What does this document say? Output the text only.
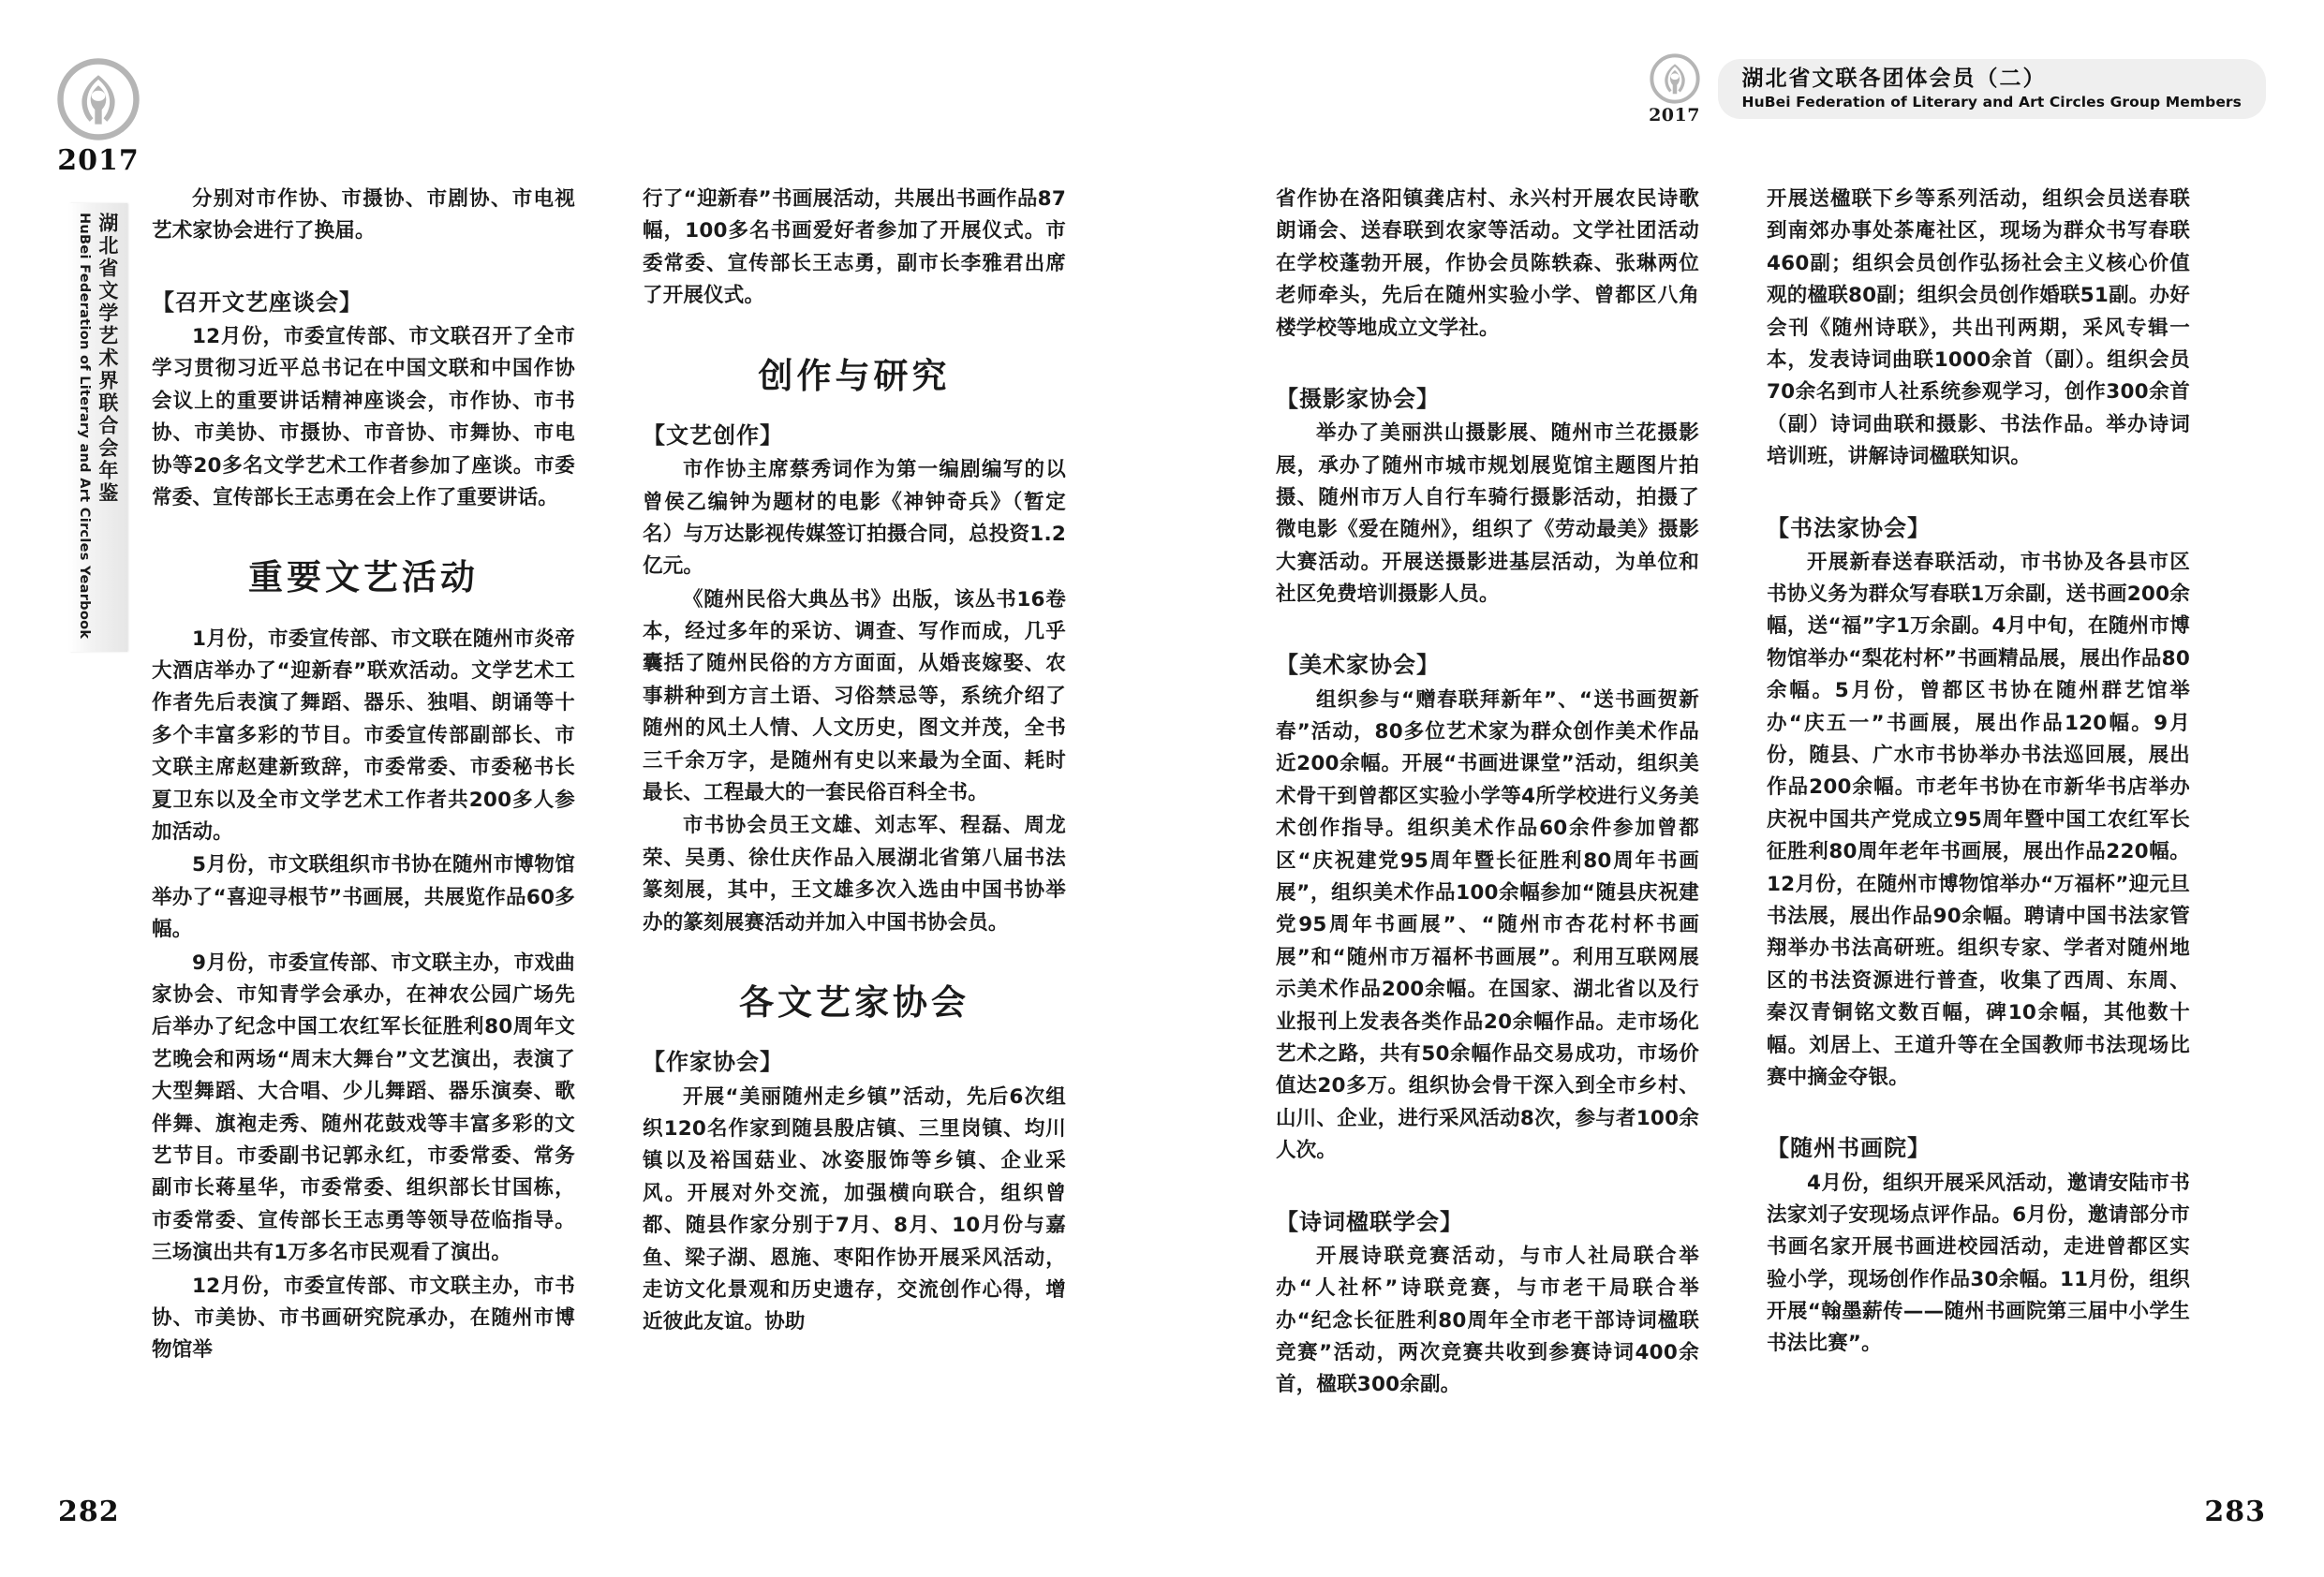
2017
湖北省文学艺术界联合会年鉴
HuBei Federation of Literary and Art Circles Yearbook
2017
湖北省文联各团体会员（二）
HuBei Federation of Literary and Art Circles Group Members

分别对市作协、市摄协、市剧协、市电视艺术家协会进行了换届。

【召开文艺座谈会】

12月份，市委宣传部、市文联召开了全市学习贯彻习近平总书记在中国文联和中国作协会议上的重要讲话精神座谈会，市作协、市书协、市美协、市摄协、市音协、市舞协、市电协等20多名文学艺术工作者参加了座谈。市委常委、宣传部长王志勇在会上作了重要讲话。

重要文艺活动

1月份，市委宣传部、市文联在随州市炎帝大酒店举办了“迎新春”联欢活动。文学艺术工作者先后表演了舞蹈、器乐、独唱、朗诵等十多个丰富多彩的节目。市委宣传部副部长、市文联主席赵建新致辞，市委常委、市委秘书长夏卫东以及全市文学艺术工作者共200多人参加活动。

5月份，市文联组织市书协在随州市博物馆举办了“喜迎寻根节”书画展，共展览作品60多幅。

9月份，市委宣传部、市文联主办，市戏曲家协会、市知青学会承办，在神农公园广场先后举办了纪念中国工农红军长征胜利80周年文艺晚会和两场“周末大舞台”文艺演出，表演了大型舞蹈、大合唱、少儿舞蹈、器乐演奏、歌伴舞、旗袍走秀、随州花鼓戏等丰富多彩的文艺节目。市委副书记郭永红，市委常委、常务副市长蒋星华，市委常委、组织部长甘国栋，市委常委、宣传部长王志勇等领导莅临指导。三场演出共有1万多名市民观看了演出。

12月份，市委宣传部、市文联主办，市书协、市美协、市书画研究院承办，在随州市博物馆举

行了“迎新春”书画展活动，共展出书画作品87幅，100多名书画爱好者参加了开展仪式。市委常委、宣传部长王志勇，副市长李雅君出席了开展仪式。

创作与研究
【文艺创作】

市作协主席蔡秀词作为第一编剧编写的以曾侯乙编钟为题材的电影《神钟奇兵》（暂定名）与万达影视传媒签订拍摄合同，总投资1.2亿元。

《随州民俗大典丛书》出版，该丛书16卷本，经过多年的采访、调查、写作而成，几乎囊括了随州民俗的方方面面，从婚丧嫁娶、农事耕种到方言土语、习俗禁忌等，系统介绍了随州的风土人情、人文历史，图文并茂，全书三千余万字，是随州有史以来最为全面、耗时最长、工程最大的一套民俗百科全书。

市书协会员王文雄、刘志军、程磊、周龙荣、吴勇、徐仕庆作品入展湖北省第八届书法篆刻展，其中，王文雄多次入选由中国书协举办的篆刻展赛活动并加入中国书协会员。

各文艺家协会
【作家协会】

开展“美丽随州走乡镇”活动，先后6次组织120名作家到随县殷店镇、三里岗镇、均川镇以及裕国菇业、冰姿服饰等乡镇、企业采风。开展对外交流，加强横向联合，组织曾都、随县作家分别于7月、8月、10月份与嘉鱼、梁子湖、恩施、枣阳作协开展采风活动，走访文化景观和历史遗存，交流创作心得，增近彼此友谊。协助

省作协在洛阳镇龚店村、永兴村开展农民诗歌朗诵会、送春联到农家等活动。文学社团活动在学校蓬勃开展，作协会员陈轶森、张琳两位老师牵头，先后在随州实验小学、曾都区八角楼学校等地成立文学社。

【摄影家协会】

举办了美丽洪山摄影展、随州市兰花摄影展，承办了随州市城市规划展览馆主题图片拍摄、随州市万人自行车骑行摄影活动，拍摄了微电影《爱在随州》，组织了《劳动最美》摄影大赛活动。开展送摄影进基层活动，为单位和社区免费培训摄影人员。

【美术家协会】

组织参与“赠春联拜新年”、“送书画贺新春”活动，80多位艺术家为群众创作美术作品近200余幅。开展“书画进课堂”活动，组织美术骨干到曾都区实验小学等4所学校进行义务美术创作指导。组织美术作品60余件参加曾都区“庆祝建党95周年暨长征胜利80周年书画展”，组织美术作品100余幅参加“随县庆祝建党95周年书画展”、“随州市杏花村杯书画展”和“随州市万福杯书画展”。利用互联网展示美术作品200余幅。在国家、湖北省以及行业报刊上发表各类作品20余幅作品。走市场化艺术之路，共有50余幅作品交易成功，市场价值达20多万。组织协会骨干深入到全市乡村、山川、企业，进行采风活动8次，参与者100余人次。

【诗词楹联学会】

开展诗联竞赛活动，与市人社局联合举办“人社杯”诗联竞赛，与市老干局联合举办“纪念长征胜利80周年全市老干部诗词楹联竞赛”活动，两次竞赛共收到参赛诗词400余首，楹联300余副。

开展送楹联下乡等系列活动，组织会员送春联到南郊办事处茶庵社区，现场为群众书写春联460副；组织会员创作弘扬社会主义核心价值观的楹联80副；组织会员创作婚联51副。办好会刊《随州诗联》，共出刊两期，采风专辑一本，发表诗词曲联1000余首（副）。组织会员70余名到市人社系统参观学习，创作300余首（副）诗词曲联和摄影、书法作品。举办诗词培训班，讲解诗词楹联知识。

【书法家协会】

开展新春送春联活动，市书协及各县市区书协义务为群众写春联1万余副，送书画200余幅，送“福”字1万余副。4月中旬，在随州市博物馆举办“梨花村杯”书画精品展，展出作品80余幅。5月份，曾都区书协在随州群艺馆举办“庆五一”书画展，展出作品120幅。9月份，随县、广水市书协举办书法巡回展，展出作品200余幅。市老年书协在市新华书店举办庆祝中国共产党成立95周年暨中国工农红军长征胜利80周年老年书画展，展出作品220幅。12月份，在随州市博物馆举办“万福杯”迎元旦书法展，展出作品90余幅。聘请中国书法家管翔举办书法高研班。组织专家、学者对随州地区的书法资源进行普查，收集了西周、东周、秦汉青铜铭文数百幅，碑10余幅，其他数十幅。刘居上、王道升等在全国教师书法现场比赛中摘金夺银。

【随州书画院】

4月份，组织开展采风活动，邀请安陆市书法家刘子安现场点评作品。6月份，邀请部分市书画名家开展书画进校园活动，走进曾都区实验小学，现场创作作品30余幅。11月份，组织开展“翰墨薪传——随州书画院第三届中小学生书法比赛”。

282	283
